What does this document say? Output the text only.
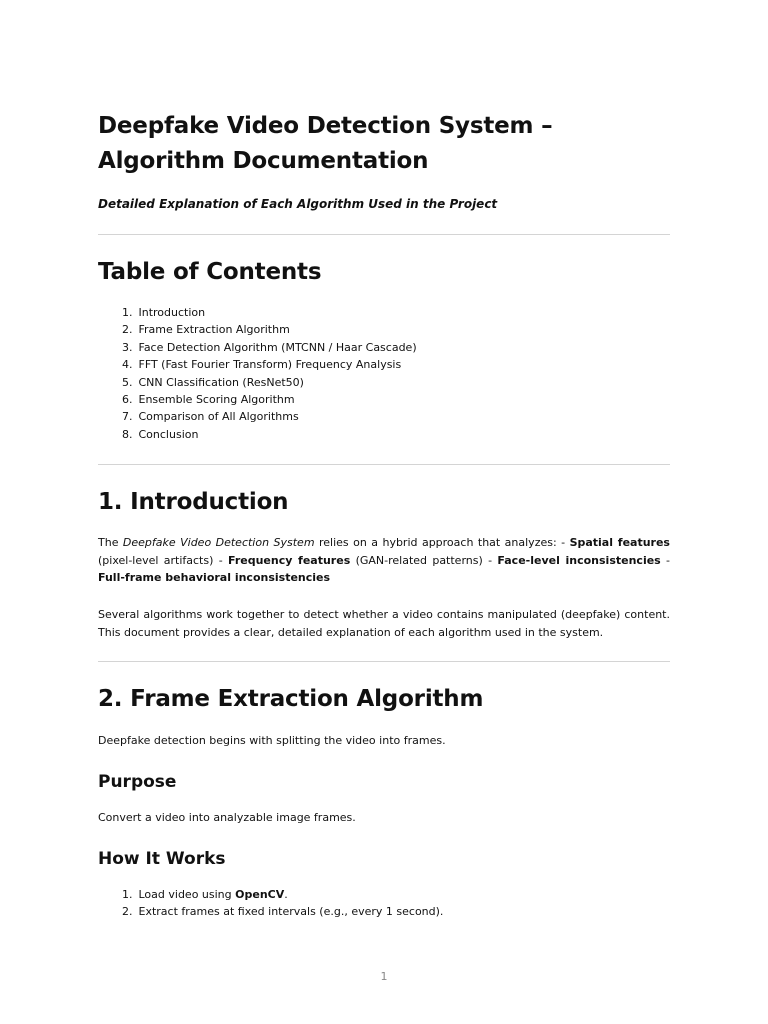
Deepfake Video Detection System – Algorithm Documentation
Detailed Explanation of Each Algorithm Used in the Project
Table of Contents
1. Introduction
2. Frame Extraction Algorithm
3. Face Detection Algorithm (MTCNN / Haar Cascade)
4. FFT (Fast Fourier Transform) Frequency Analysis
5. CNN Classification (ResNet50)
6. Ensemble Scoring Algorithm
7. Comparison of All Algorithms
8. Conclusion
1. Introduction

The Deepfake Video Detection System relies on a hybrid approach that analyzes: - Spatial features (pixel-level artifacts) - Frequency features (GAN-related patterns) - Face-level inconsistencies - Full-frame behavioral inconsistencies

Several algorithms work together to detect whether a video contains manipulated (deepfake) content. This document provides a clear, detailed explanation of each algorithm used in the system.

2. Frame Extraction Algorithm

Deepfake detection begins with splitting the video into frames.

Purpose

Convert a video into analyzable image frames.

How It Works
1. Load video using OpenCV.
2. Extract frames at fixed intervals (e.g., every 1 second).
1
